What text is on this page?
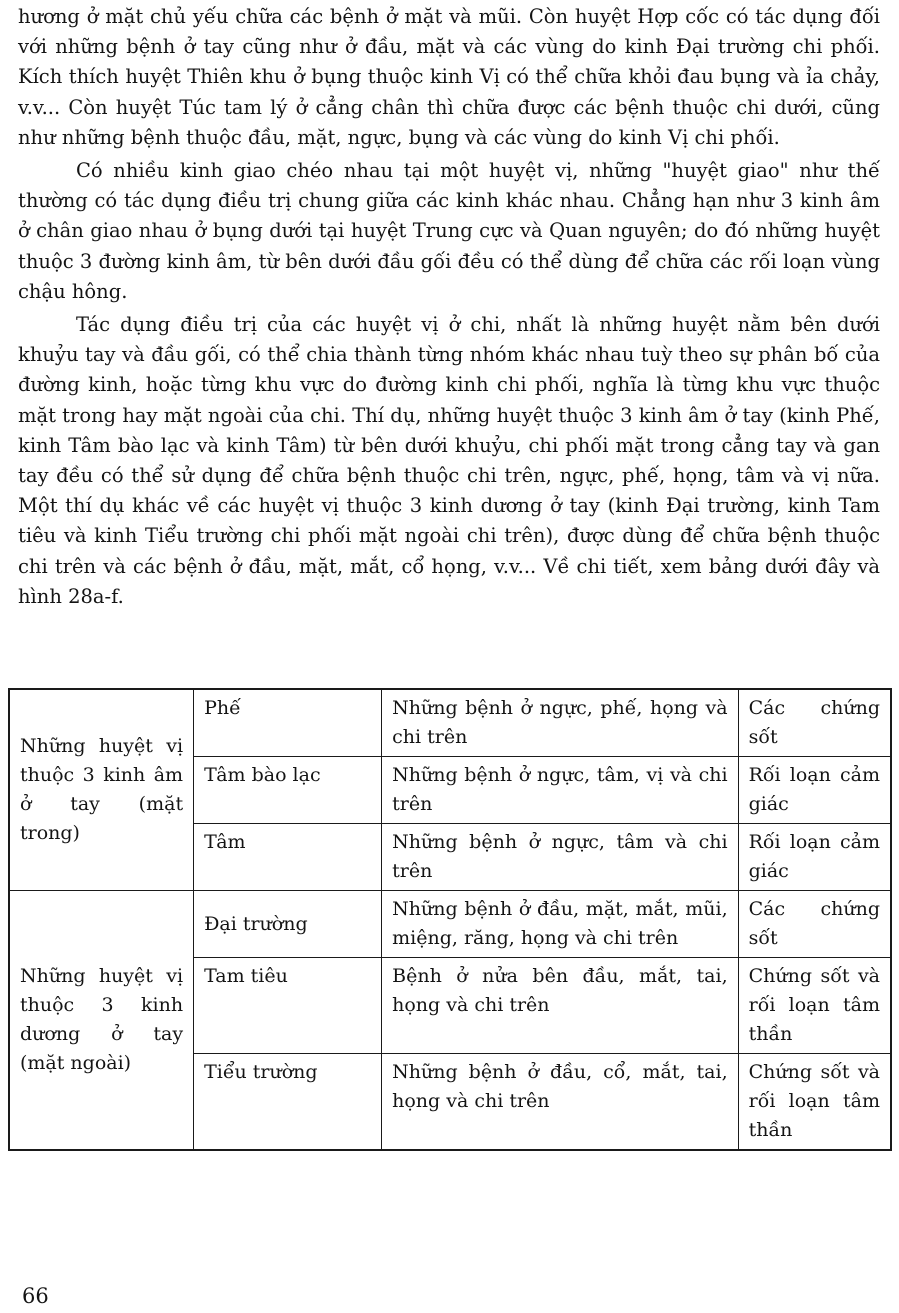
hương ở mặt chủ yếu chữa các bệnh ở mặt và mũi. Còn huyệt Hợp cốc có tác dụng đối với những bệnh ở tay cũng như ở đầu, mặt và các vùng do kinh Đại trường chi phối. Kích thích huyệt Thiên khu ở bụng thuộc kinh Vị có thể chữa khỏi đau bụng và ỉa chảy, v.v... Còn huyệt Túc tam lý ở cẳng chân thì chữa được các bệnh thuộc chi dưới, cũng như những bệnh thuộc đầu, mặt, ngực, bụng và các vùng do kinh Vị chi phối.

Có nhiều kinh giao chéo nhau tại một huyệt vị, những "huyệt giao" như thế thường có tác dụng điều trị chung giữa các kinh khác nhau. Chẳng hạn như 3 kinh âm ở chân giao nhau ở bụng dưới tại huyệt Trung cực và Quan nguyên; do đó những huyệt thuộc 3 đường kinh âm, từ bên dưới đầu gối đều có thể dùng để chữa các rối loạn vùng chậu hông.

Tác dụng điều trị của các huyệt vị ở chi, nhất là những huyệt nằm bên dưới khuỷu tay và đầu gối, có thể chia thành từng nhóm khác nhau tuỳ theo sự phân bố của đường kinh, hoặc từng khu vực do đường kinh chi phối, nghĩa là từng khu vực thuộc mặt trong hay mặt ngoài của chi. Thí dụ, những huyệt thuộc 3 kinh âm ở tay (kinh Phế, kinh Tâm bào lạc và kinh Tâm) từ bên dưới khuỷu, chi phối mặt trong cẳng tay và gan tay đều có thể sử dụng để chữa bệnh thuộc chi trên, ngực, phế, họng, tâm và vị nữa. Một thí dụ khác về các huyệt vị thuộc 3 kinh dương ở tay (kinh Đại trường, kinh Tam tiêu và kinh Tiểu trường chi phối mặt ngoài chi trên), được dùng để chữa bệnh thuộc chi trên và các bệnh ở đầu, mặt, mắt, cổ họng, v.v... Về chi tiết, xem bảng dưới đây và hình 28a-f.

Những huyệt vị thuộc 3 kinh âm ở tay (mặt trong)	Phế	Những bệnh ở ngực, phế, họng và chi trên	Các chứng sốt
	Tâm bào lạc	Những bệnh ở ngực, tâm, vị và chi trên	Rối loạn cảm giác
	Tâm	Những bệnh ở ngực, tâm và chi trên	Rối loạn cảm giác
Những huyệt vị thuộc 3 kinh dương ở tay (mặt ngoài)	Đại trường	Những bệnh ở đầu, mặt, mắt, mũi, miệng, răng, họng và chi trên	Các chứng sốt
	Tam tiêu	Bệnh ở nửa bên đầu, mắt, tai, họng và chi trên	Chứng sốt và rối loạn tâm thần
	Tiểu trường	Những bệnh ở đầu, cổ, mắt, tai, họng và chi trên	Chứng sốt và rối loạn tâm thần
66
